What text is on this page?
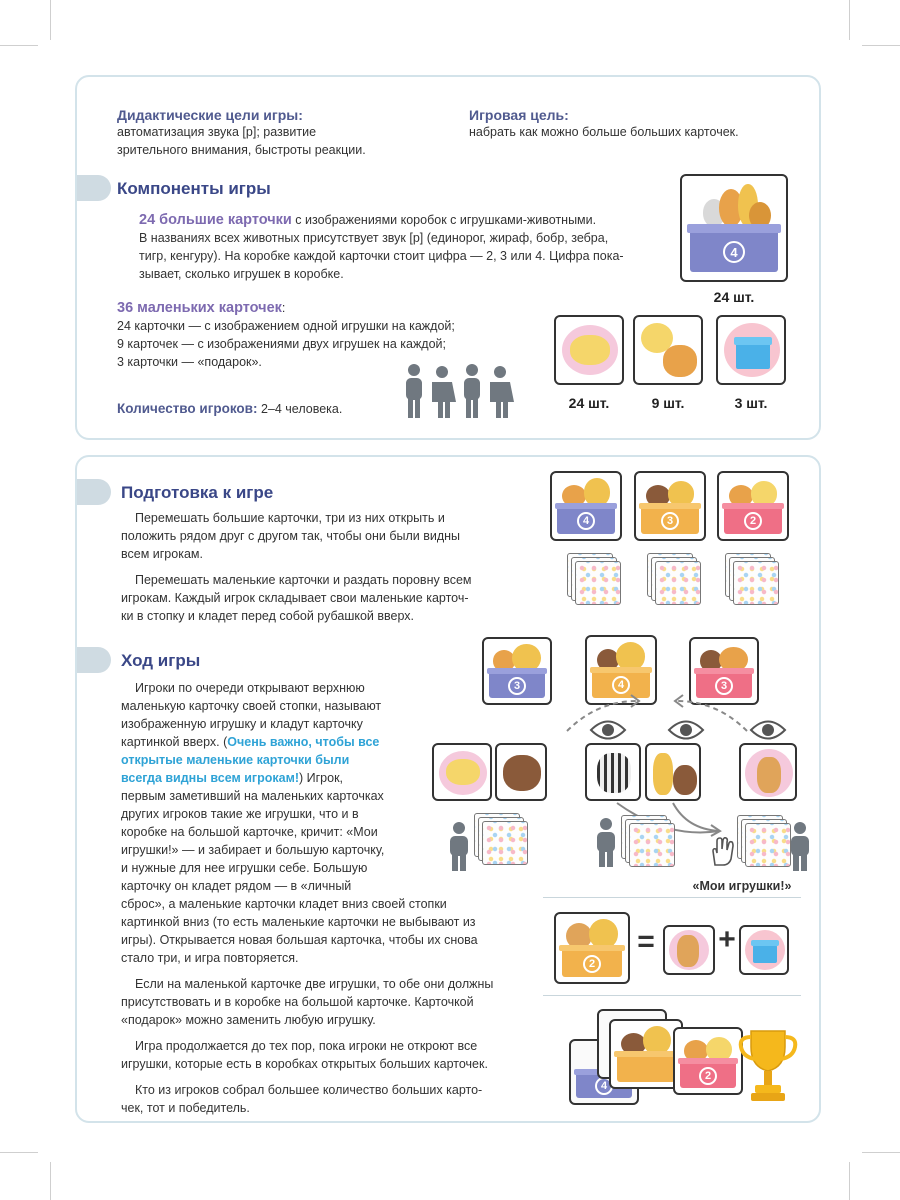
Дидактические цели игры:
автоматизация звука [р]; развитие
зрительного внимания, быстроты реакции.
Игровая цель:
набрать как можно больше больших карточек.
Компоненты игры
24 большие карточки с изображениями коробок с игрушками-животными.
В названиях всех животных присутствует звук [р] (единорог, жираф, бобр, зебра,
тигр, кенгуру). На коробке каждой карточки стоит цифра — 2, 3 или 4. Цифра пока-
зывает, сколько игрушек в коробке.
4
24 шт.
36 маленьких карточек:
24 карточки — с изображением одной игрушки на каждой;
9 карточек — с изображениями двух игрушек на каждой;
3 карточки — «подарок».
24 шт.	9 шт.	3 шт.
Количество игроков: 2–4 человека.
Подготовка к игре
Перемешать большие карточки, три из них открыть и
положить рядом друг с другом так, чтобы они были видны
всем игрокам.
Перемешать маленькие карточки и раздать поровну всем
игрокам. Каждый игрок складывает свои маленькие карточ-
ки в стопку и кладет перед собой рубашкой вверх.
4	3	2
Ход игры
Игроки по очереди открывают верхнюю
маленькую карточку своей стопки, называют
изображенную игрушку и кладут карточку
картинкой вверх. (Очень важно, чтобы все
открытые маленькие карточки были
всегда видны всем игрокам!) Игрок,
первым заметивший на маленьких карточках
других игроков такие же игрушки, что и в
коробке на большой карточке, кричит: «Мои
игрушки!» — и забирает и большую карточку,
и нужные для нее игрушки себе. Большую
карточку он кладет рядом — в «личный
сброс», а маленькие карточки кладет вниз своей стопки
картинкой вниз (то есть маленькие карточки не выбывают из
игры). Открывается новая большая карточка, чтобы их снова
стало три, и игра повторяется.
Если на маленькой карточке две игрушки, то обе они должны
присутствовать и в коробке на большой карточке. Карточкой
«подарок» можно заменить любую игрушку.
Игра продолжается до тех пор, пока игроки не откроют все
игрушки, которые есть в коробках открытых больших карточек.
Кто из игроков собрал большее количество больших карто-
чек, тот и победитель.
3	4	3
«Мои игрушки!»
2
= +
4
2
